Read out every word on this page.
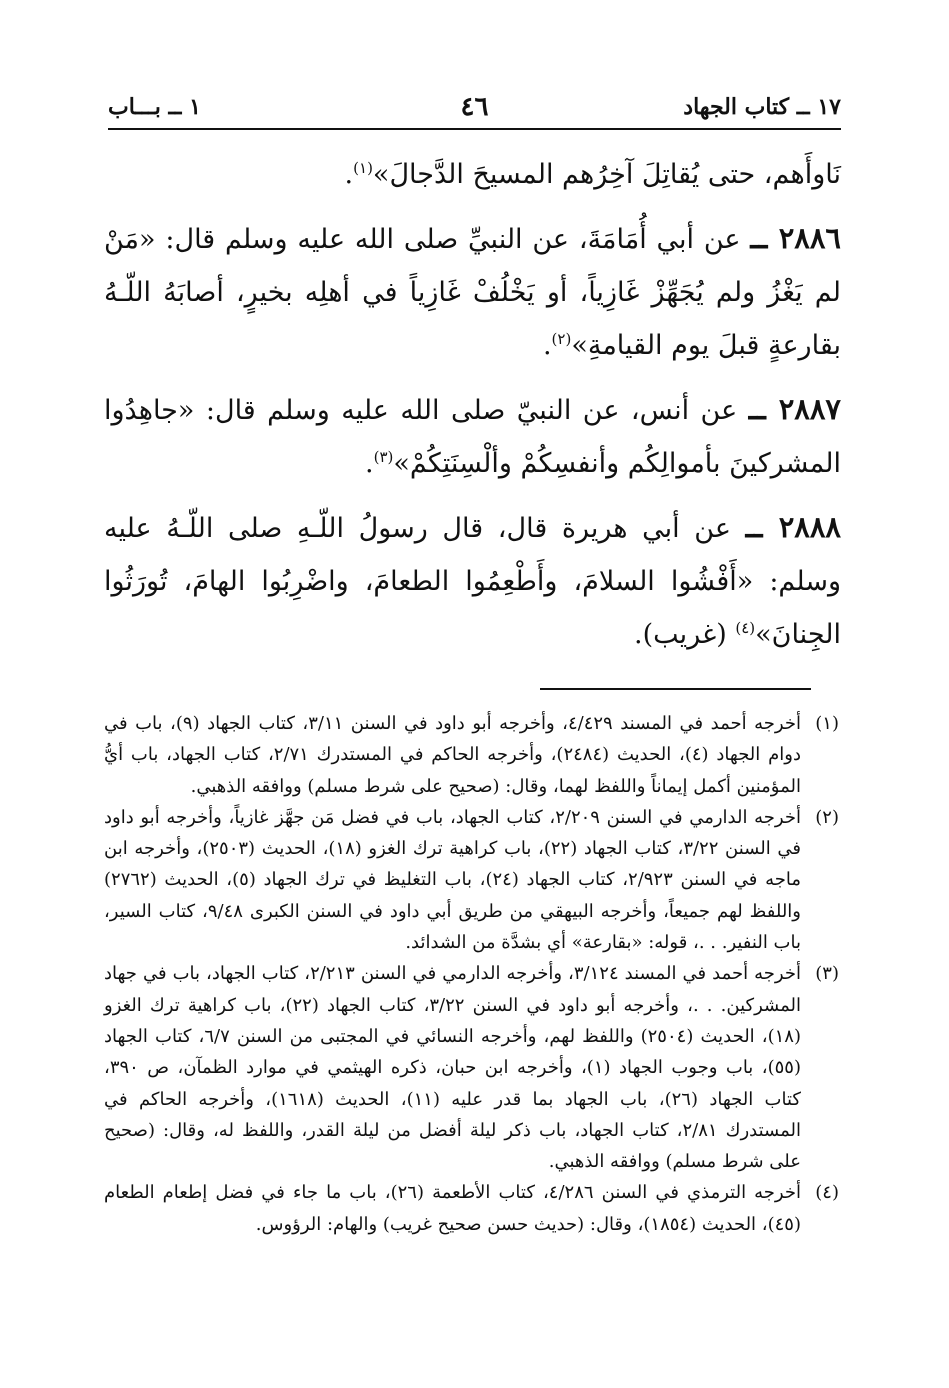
١٧ ــ كتاب الجهاد
٤٦
١ ــ بـــاب

نَاوأَهم، حتى يُقاتِلَ آخِرُهم المسيحَ الدَّجالَ»$^{(١)}$.

٢٨٨٦ ــ عن أبي أُمَامَةَ، عن النبيِّ صلى الله عليه وسلم قال: «مَنْ لم يَغْزُ ولم يُجَهِّزْ غَازِياً، أو يَخْلُفْ غَازِياً في أهلِه بخيرٍ، أصابَهُ اللّـهُ بقارعةٍ قبلَ يوم القيامةِ»$^{(٢)}$.

٢٨٨٧ ــ عن أنس، عن النبيّ صلى الله عليه وسلم قال: «جاهِدُوا المشركينَ بأموالِكُم وأنفسِكُمْ وألْسِنَتِكُمْ»$^{(٣)}$.

٢٨٨٨ ــ عن أبي هريرة قال، قال رسولُ اللّـهِ صلى اللّـهُ عليه وسلم: «أَفْشُوا السلامَ، وأَطْعِمُوا الطعامَ، واضْرِبُوا الهامَ، تُورَثُوا الجِنانَ»$^{(٤)}$ (غريب).

(١)
أخرجه أحمد في المسند ٤/٤٢٩، وأخرجه أبو داود في السنن ٣/١١، كتاب الجهاد (٩)، باب في دوام الجهاد (٤)، الحديث (٢٤٨٤)، وأخرجه الحاكم في المستدرك ٢/٧١، كتاب الجهاد، باب أيُّ المؤمنين أكمل إيماناً واللفظ لهما، وقال: (صحيح على شرط مسلم) ووافقه الذهبي.
(٢)
أخرجه الدارمي في السنن ٢/٢٠٩، كتاب الجهاد، باب في فضل مَن جهَّز غازياً، وأخرجه أبو داود في السنن ٣/٢٢، كتاب الجهاد (٢٢)، باب كراهية ترك الغزو (١٨)، الحديث (٢٥٠٣)، وأخرجه ابن ماجه في السنن ٢/٩٢٣، كتاب الجهاد (٢٤)، باب التغليظ في ترك الجهاد (٥)، الحديث (٢٧٦٢) واللفظ لهم جميعاً، وأخرجه البيهقي من طريق أبي داود في السنن الكبرى ٩/٤٨، كتاب السير، باب النفير. . .، قوله: «بقارعة» أي بشدَّة من الشدائد.
(٣)
أخرجه أحمد في المسند ٣/١٢٤، وأخرجه الدارمي في السنن ٢/٢١٣، كتاب الجهاد، باب في جهاد المشركين. . .، وأخرجه أبو داود في السنن ٣/٢٢، كتاب الجهاد (٢٢)، باب كراهية ترك الغزو (١٨)، الحديث (٢٥٠٤) واللفظ لهم، وأخرجه النسائي في المجتبى من السنن ٦/٧، كتاب الجهاد (٥٥)، باب وجوب الجهاد (١)، وأخرجه ابن حبان، ذكره الهيثمي في موارد الظمآن، ص ٣٩٠، كتاب الجهاد (٢٦)، باب الجهاد بما قدر عليه (١١)، الحديث (١٦١٨)، وأخرجه الحاكم في المستدرك ٢/٨١، كتاب الجهاد، باب ذكر ليلة أفضل من ليلة القدر، واللفظ له، وقال: (صحيح على شرط مسلم) ووافقه الذهبي.
(٤)
أخرجه الترمذي في السنن ٤/٢٨٦، كتاب الأطعمة (٢٦)، باب ما جاء في فضل إطعام الطعام (٤٥)، الحديث (١٨٥٤)، وقال: (حديث حسن صحيح غريب) والهام: الرؤوس.
